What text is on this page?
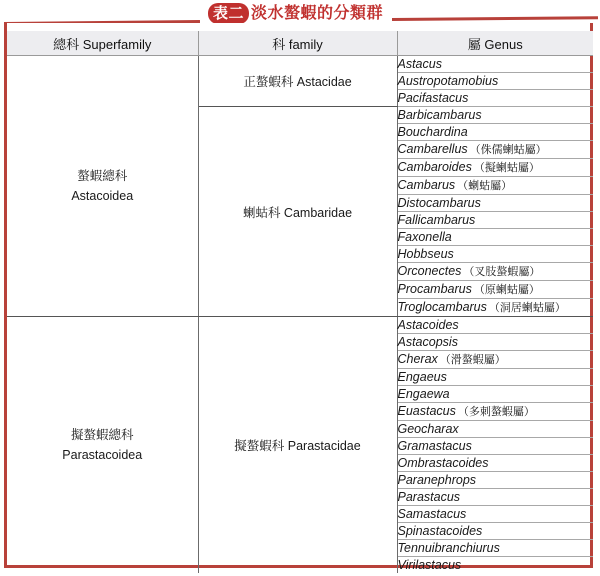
表二 淡水螯蝦的分類群
總科 Superfamily	科 family	屬 Genus

螯蝦總科
Astacoidea	正螯蝦科 Astacidae	Astacus
		Austropotamobius
		Pacifastacus
	蝲蛄科 Cambaridae	Barbicambarus
		Bouchardina
		Cambarellus （侏儒蝲蛄屬）
		Cambaroides （擬蝲蛄屬）
		Cambarus （蝲蛄屬）
		Distocambarus
		Fallicambarus
		Faxonella
		Hobbseus
		Orconectes （叉肢螯蝦屬）
		Procambarus （原蝲蛄屬）
		Troglocambarus （洞居蝲蛄屬）

擬螯蝦總科
Parastacoidea	擬螯蝦科 Parastacidae	Astacoides
		Astacopsis
		Cherax （滑螯蝦屬）
		Engaeus
		Engaewa
		Euastacus （多刺螯蝦屬）
		Geocharax
		Gramastacus
		Ombrastacoides
		Paranephrops
		Parastacus
		Samastacus
		Spinastacoides
		Tennuibranchiurus
		Virilastacus
